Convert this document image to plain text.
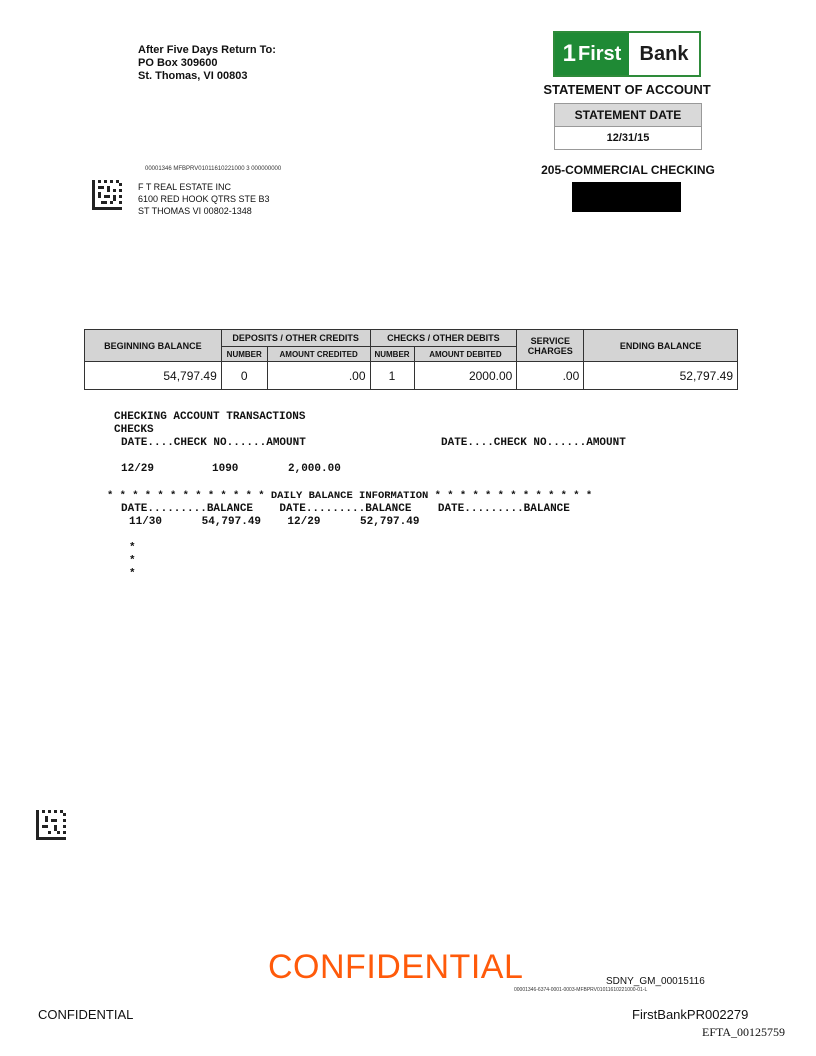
After Five Days Return To:
PO Box 309600
St. Thomas, VI 00803
1 First Bank
STATEMENT OF ACCOUNT
STATEMENT DATE
12/31/15
205-COMMERCIAL CHECKING
00001346 MFBPRV01011610221000 3 000000000
F T REAL ESTATE INC
6100 RED HOOK QTRS STE B3
ST THOMAS VI 00802-1348
BEGINNING BALANCE	DEPOSITS / OTHER CREDITS		CHECKS / OTHER DEBITS		SERVICE CHARGES	ENDING BALANCE
	NUMBER	AMOUNT CREDITED	NUMBER	AMOUNT DEBITED		
54,797.49	0	.00	1	2000.00	.00	52,797.49
CHECKING ACCOUNT TRANSACTIONS
CHECKS
DATE....CHECK NO......AMOUNT	DATE....CHECK NO......AMOUNT
12/29	1090	2,000.00
* * * * * * * * * * * * * DAILY BALANCE INFORMATION * * * * * * * * * * * * *
DATE.........BALANCE    DATE.........BALANCE    DATE.........BALANCE
11/30      54,797.49    12/29      52,797.49
*
*
*
CONFIDENTIAL	SDNY_GM_00015116
00001346-6374-0001-0003-MFBPRV01011610221000-01-L
CONFIDENTIAL	FirstBankPR002279
EFTA_00125759
